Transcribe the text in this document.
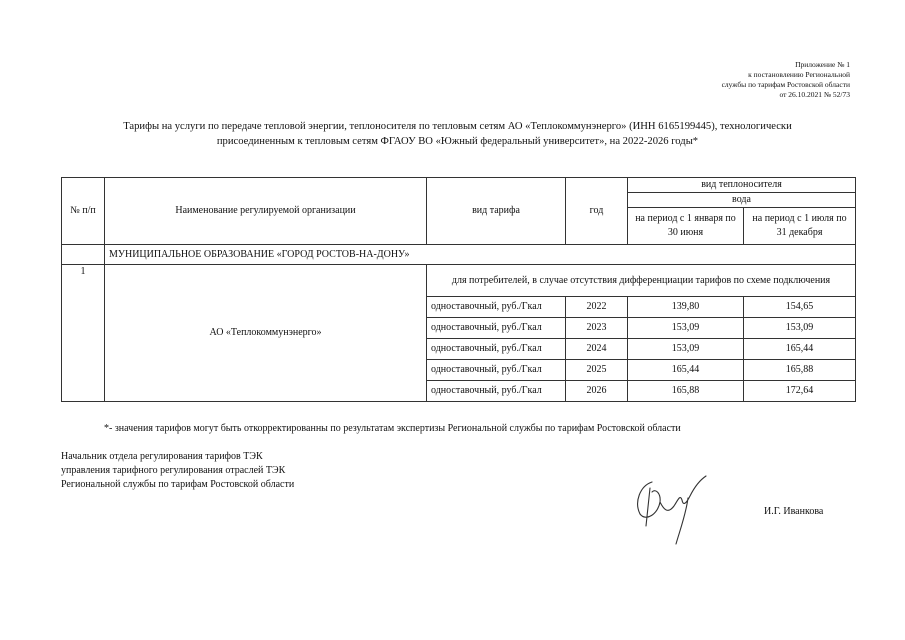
Приложение № 1
к постановлению Региональной
службы по тарифам Ростовской области
от 26.10.2021 № 52/73
Тарифы на услуги по передаче тепловой энергии, теплоносителя по тепловым сетям АО «Теплокоммунэнерго» (ИНН 6165199445), технологически
присоединенным к тепловым сетям ФГАОУ ВО «Южный федеральный университет», на 2022-2026 годы*
№ п/п	Наименование регулируемой организации	вид тарифа	год	вид теплоносителя	
				вода	
				на период с 1 января по 30 июня	на период с 1 июля по 31 декабря
	МУНИЦИПАЛЬНОЕ ОБРАЗОВАНИЕ «ГОРОД РОСТОВ-НА-ДОНУ»				
1	АО «Теплокоммунэнерго»	для потребителей, в случае отсутствия дифференциации тарифов по схеме подключения			
		одноставочный, руб./Гкал	2022	139,80	154,65
		одноставочный, руб./Гкал	2023	153,09	153,09
		одноставочный, руб./Гкал	2024	153,09	165,44
		одноставочный, руб./Гкал	2025	165,44	165,88
		одноставочный, руб./Гкал	2026	165,88	172,64
*- значения тарифов могут быть откорректированны по результатам экспертизы Региональной службы по тарифам Ростовской области
Начальник отдела регулирования тарифов ТЭК
управления тарифного регулирования отраслей ТЭК
Региональной службы по тарифам Ростовской области
И.Г. Иванкова
